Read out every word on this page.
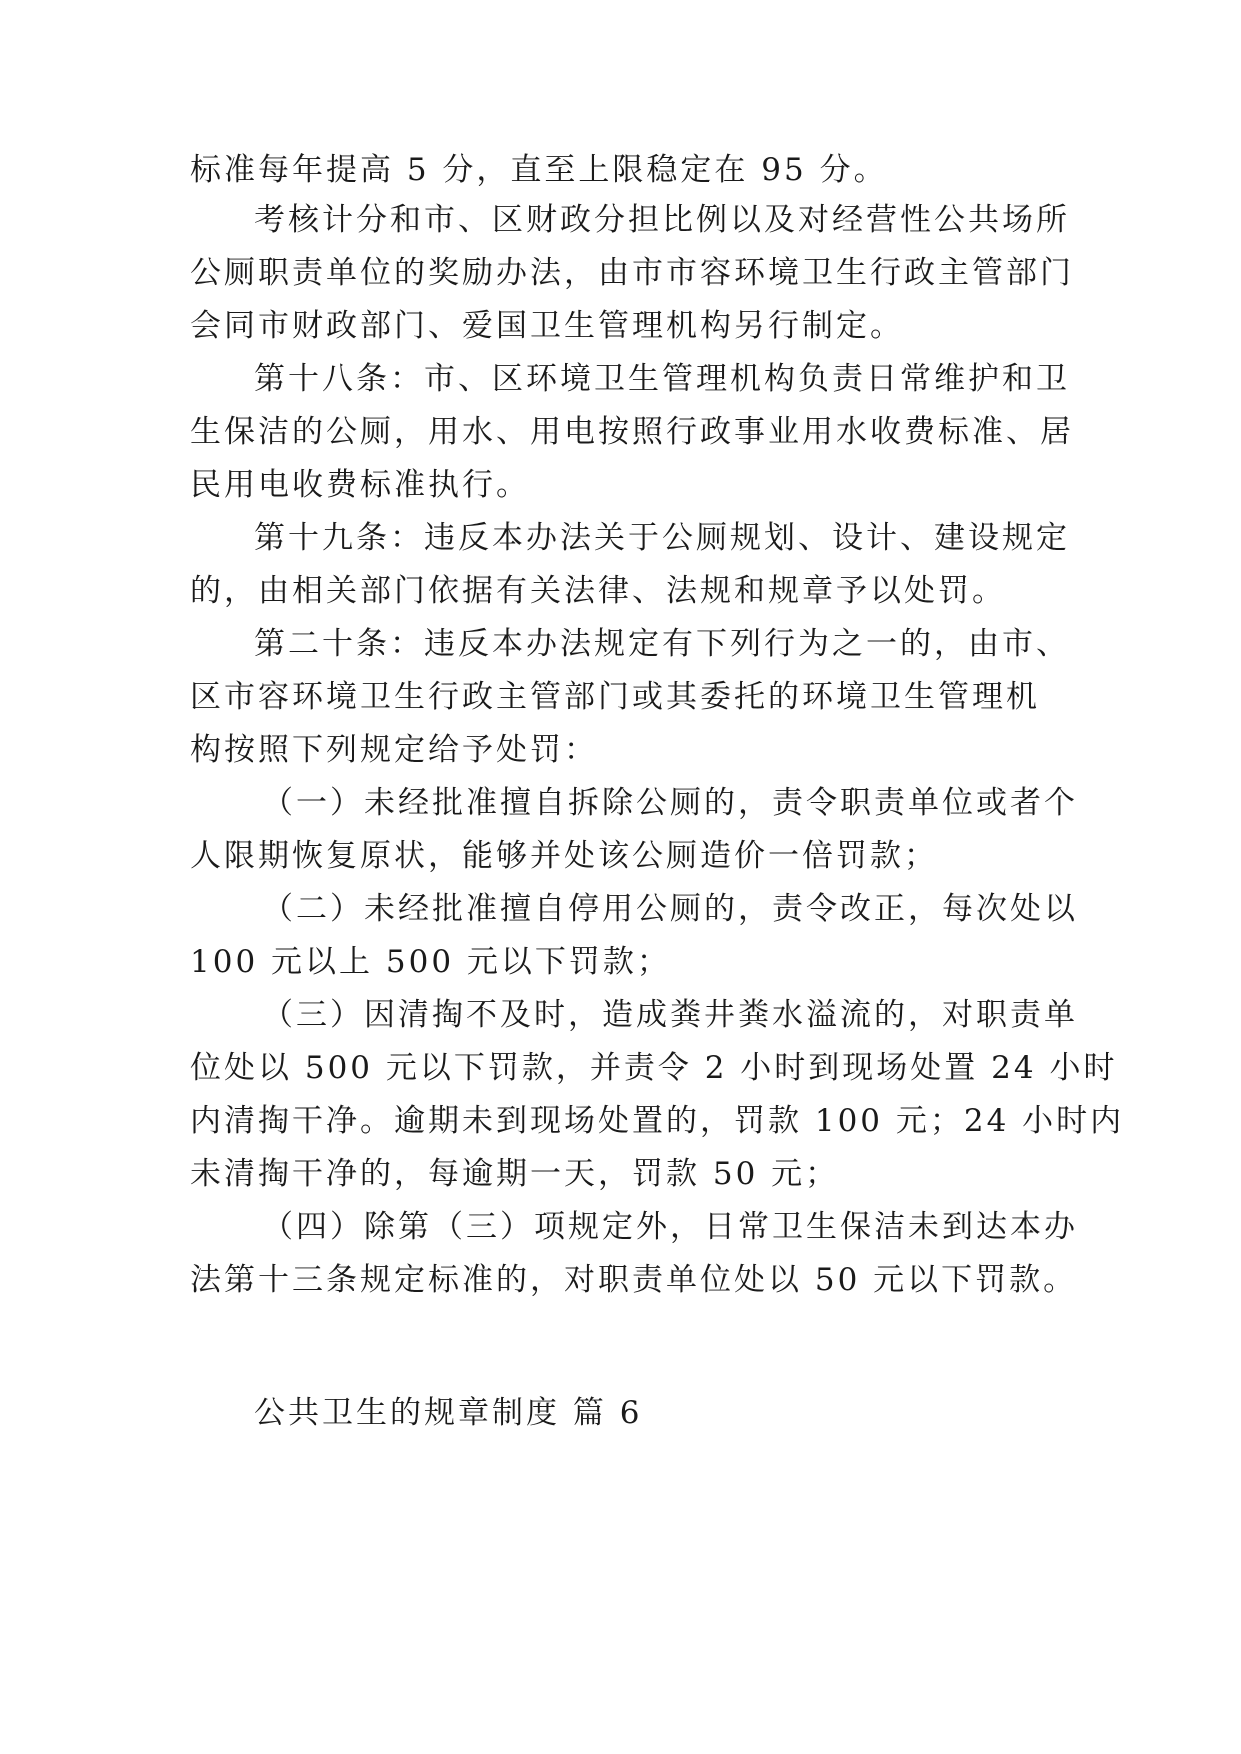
标准每年提高 5 分，直至上限稳定在 95 分。
考核计分和市、区财政分担比例以及对经营性公共场所
公厕职责单位的奖励办法，由市市容环境卫生行政主管部门
会同市财政部门、爱国卫生管理机构另行制定。
第十八条：市、区环境卫生管理机构负责日常维护和卫
生保洁的公厕，用水、用电按照行政事业用水收费标准、居
民用电收费标准执行。
第十九条：违反本办法关于公厕规划、设计、建设规定
的，由相关部门依据有关法律、法规和规章予以处罚。
第二十条：违反本办法规定有下列行为之一的，由市、
区市容环境卫生行政主管部门或其委托的环境卫生管理机
构按照下列规定给予处罚：
（一）未经批准擅自拆除公厕的，责令职责单位或者个
人限期恢复原状，能够并处该公厕造价一倍罚款；
（二）未经批准擅自停用公厕的，责令改正，每次处以
100 元以上 500 元以下罚款；
（三）因清掏不及时，造成粪井粪水溢流的，对职责单
位处以 500 元以下罚款，并责令 2 小时到现场处置 24 小时
内清掏干净。逾期未到现场处置的，罚款 100 元；24 小时内
未清掏干净的，每逾期一天，罚款 50 元；
（四）除第（三）项规定外，日常卫生保洁未到达本办
法第十三条规定标准的，对职责单位处以 50 元以下罚款。
公共卫生的规章制度 篇 6
